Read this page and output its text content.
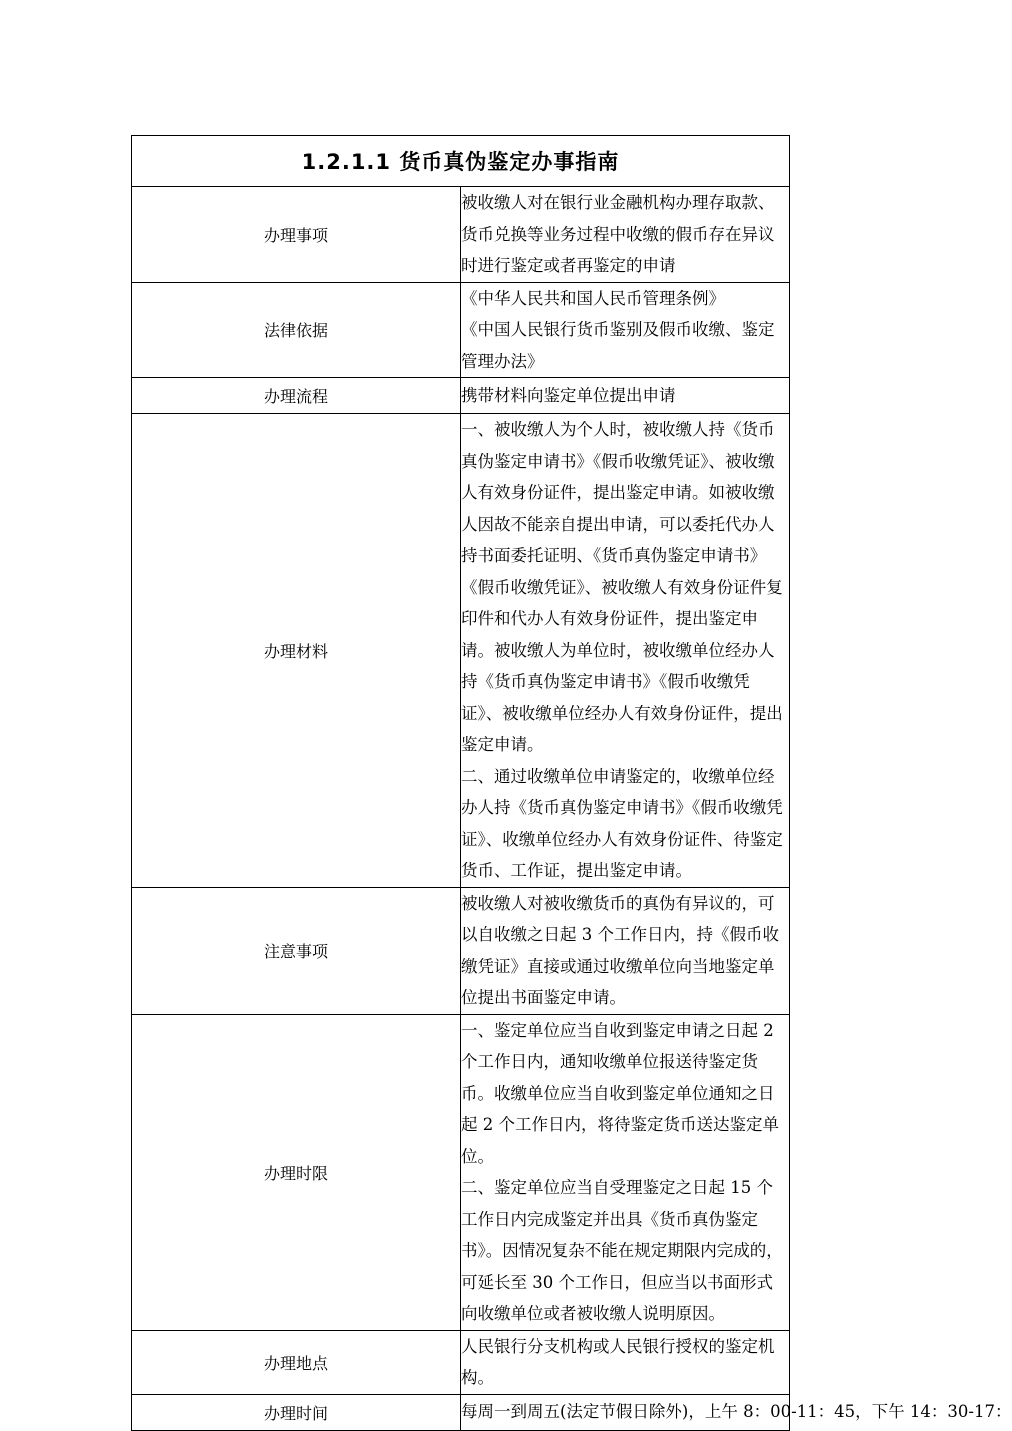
1.2.1.1 货币真伪鉴定办事指南	
办理事项	被收缴人对在银行业金融机构办理存取款、货币兑换等业务过程中收缴的假币存在异议时进行鉴定或者再鉴定的申请

法律依据	《中华人民共和国人民币管理条例》

《中国人民银行货币鉴别及假币收缴、鉴定管理办法》

办理流程	携带材料向鉴定单位提出申请

办理材料	一、被收缴人为个人时，被收缴人持《货币真伪鉴定申请书》《假币收缴凭证》、被收缴人有效身份证件，提出鉴定申请。如被收缴人因故不能亲自提出申请，可以委托代办人持书面委托证明、《货币真伪鉴定申请书》《假币收缴凭证》、被收缴人有效身份证件复印件和代办人有效身份证件，提出鉴定申请。被收缴人为单位时，被收缴单位经办人持《货币真伪鉴定申请书》《假币收缴凭证》、被收缴单位经办人有效身份证件，提出鉴定申请。

二、通过收缴单位申请鉴定的，收缴单位经办人持《货币真伪鉴定申请书》《假币收缴凭证》、收缴单位经办人有效身份证件、待鉴定货币、工作证，提出鉴定申请。

注意事项	被收缴人对被收缴货币的真伪有异议的，可以自收缴之日起 3 个工作日内，持《假币收缴凭证》直接或通过收缴单位向当地鉴定单位提出书面鉴定申请。

办理时限	一、鉴定单位应当自收到鉴定申请之日起 2 个工作日内，通知收缴单位报送待鉴定货币。收缴单位应当自收到鉴定单位通知之日起 2 个工作日内，将待鉴定货币送达鉴定单位。

二、鉴定单位应当自受理鉴定之日起 15 个工作日内完成鉴定并出具《货币真伪鉴定书》。因情况复杂不能在规定期限内完成的，可延长至 30 个工作日，但应当以书面形式向收缴单位或者被收缴人说明原因。

办理地点	人民银行分支机构或人民银行授权的鉴定机构。

办理时间	每周一到周五(法定节假日除外)，上午 8：00-11：45，下午 14：30-17：
